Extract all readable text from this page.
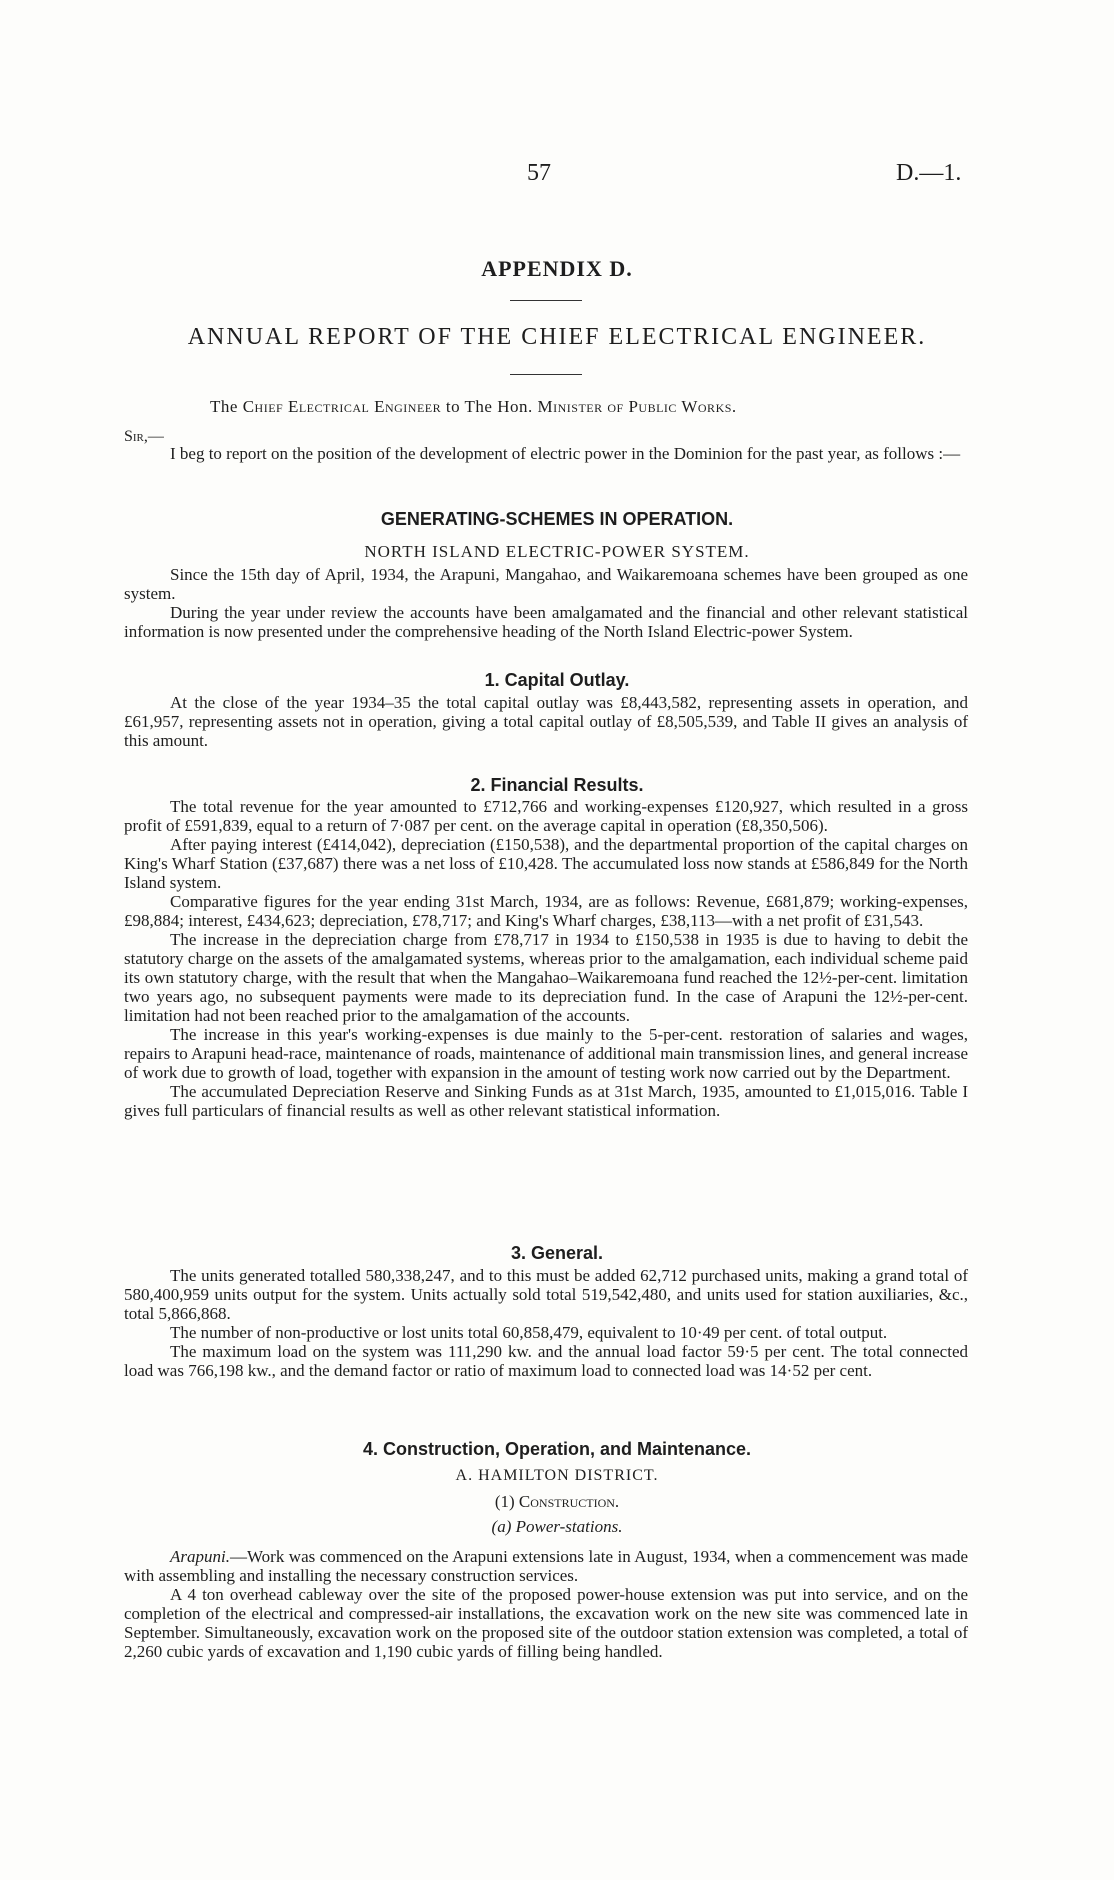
57	D.—1.
APPENDIX D.
ANNUAL REPORT OF THE CHIEF ELECTRICAL ENGINEER.
The Chief Electrical Engineer to The Hon. Minister of Public Works.
Sir,—

I beg to report on the position of the development of electric power in the Dominion for the past year, as follows :—

GENERATING-SCHEMES IN OPERATION.
NORTH ISLAND ELECTRIC-POWER SYSTEM.

Since the 15th day of April, 1934, the Arapuni, Mangahao, and Waikaremoana schemes have been grouped as one system.

During the year under review the accounts have been amalgamated and the financial and other relevant statistical information is now presented under the comprehensive heading of the North Island Electric-power System.

1. Capital Outlay.

At the close of the year 1934–35 the total capital outlay was £8,443,582, representing assets in operation, and £61,957, representing assets not in operation, giving a total capital outlay of £8,505,539, and Table II gives an analysis of this amount.

2. Financial Results.

The total revenue for the year amounted to £712,766 and working-expenses £120,927, which resulted in a gross profit of £591,839, equal to a return of 7·087 per cent. on the average capital in operation (£8,350,506).

After paying interest (£414,042), depreciation (£150,538), and the departmental proportion of the capital charges on King's Wharf Station (£37,687) there was a net loss of £10,428. The accumulated loss now stands at £586,849 for the North Island system.

Comparative figures for the year ending 31st March, 1934, are as follows: Revenue, £681,879; working-expenses, £98,884; interest, £434,623; depreciation, £78,717; and King's Wharf charges, £38,113—with a net profit of £31,543.

The increase in the depreciation charge from £78,717 in 1934 to £150,538 in 1935 is due to having to debit the statutory charge on the assets of the amalgamated systems, whereas prior to the amalgamation, each individual scheme paid its own statutory charge, with the result that when the Mangahao–Waikaremoana fund reached the 12½-per-cent. limitation two years ago, no subsequent payments were made to its depreciation fund. In the case of Arapuni the 12½-per-cent. limitation had not been reached prior to the amalgamation of the accounts.

The increase in this year's working-expenses is due mainly to the 5-per-cent. restoration of salaries and wages, repairs to Arapuni head-race, maintenance of roads, maintenance of additional main transmission lines, and general increase of work due to growth of load, together with expansion in the amount of testing work now carried out by the Department.

The accumulated Depreciation Reserve and Sinking Funds as at 31st March, 1935, amounted to £1,015,016. Table I gives full particulars of financial results as well as other relevant statistical information.

3. General.

The units generated totalled 580,338,247, and to this must be added 62,712 purchased units, making a grand total of 580,400,959 units output for the system. Units actually sold total 519,542,480, and units used for station auxiliaries, &c., total 5,866,868.

The number of non-productive or lost units total 60,858,479, equivalent to 10·49 per cent. of total output.

The maximum load on the system was 111,290 kw. and the annual load factor 59·5 per cent. The total connected load was 766,198 kw., and the demand factor or ratio of maximum load to connected load was 14·52 per cent.

4. Construction, Operation, and Maintenance.
A. HAMILTON DISTRICT.
(1) Construction.
(a) Power-stations.

Arapuni.—Work was commenced on the Arapuni extensions late in August, 1934, when a commencement was made with assembling and installing the necessary construction services.

A 4 ton overhead cableway over the site of the proposed power-house extension was put into service, and on the completion of the electrical and compressed-air installations, the excavation work on the new site was commenced late in September. Simultaneously, excavation work on the proposed site of the outdoor station extension was completed, a total of 2,260 cubic yards of excavation and 1,190 cubic yards of filling being handled.
